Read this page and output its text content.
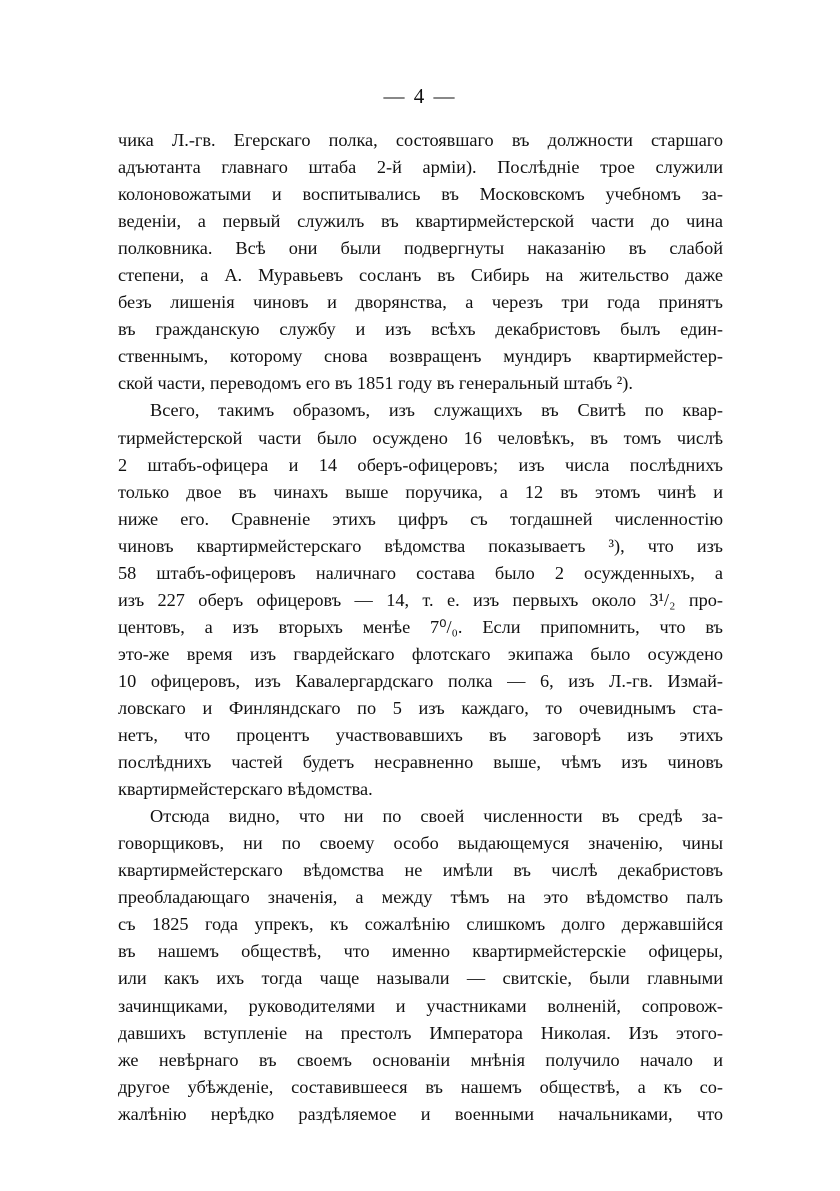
— 4 —
чика Л.-гв. Егерскаго полка, состоявшаго въ должности старшаго
адъютанта главнаго штаба 2-й арміи). Послѣдніе трое служили
колоновожатыми и воспитывались въ Московскомъ учебномъ за-
веденіи, а первый служилъ въ квартирмейстерской части до чина
полковника. Всѣ они были подвергнуты наказанію въ слабой
степени, а А. Муравьевъ сосланъ въ Сибирь на жительство даже
безъ лишенія чиновъ и дворянства, а черезъ три года принятъ
въ гражданскую службу и изъ всѣхъ декабристовъ былъ един-
ственнымъ, которому снова возвращенъ мундиръ квартирмейстер-
ской части, переводомъ его въ 1851 году въ генеральный штабъ ²).
Всего, такимъ образомъ, изъ служащихъ въ Свитѣ по квар-
тирмейстерской части было осуждено 16 человѣкъ, въ томъ числѣ
2 штабъ-офицера и 14 оберъ-офицеровъ; изъ числа послѣднихъ
только двое въ чинахъ выше поручика, а 12 въ этомъ чинѣ и
ниже его. Сравненіе этихъ цифръ съ тогдашней численностію
чиновъ квартирмейстерскаго вѣдомства показываетъ ³), что изъ
58 штабъ-офицеровъ наличнаго состава было 2 осужденныхъ, а
изъ 227 оберъ офицеровъ — 14, т. е. изъ первыхъ около 3¹/₂ про-
центовъ, а изъ вторыхъ менѣе 7⁰/₀. Если припомнить, что въ
это-же время изъ гвардейскаго флотскаго экипажа было осуждено
10 офицеровъ, изъ Кавалергардскаго полка — 6, изъ Л.-гв. Измай-
ловскаго и Финляндскаго по 5 изъ каждаго, то очевиднымъ ста-
нетъ, что процентъ участвовавшихъ въ заговорѣ изъ этихъ
послѣднихъ частей будетъ несравненно выше, чѣмъ изъ чиновъ
квартирмейстерскаго вѣдомства.
Отсюда видно, что ни по своей численности въ средѣ за-
говорщиковъ, ни по своему особо выдающемуся значенію, чины
квартирмейстерскаго вѣдомства не имѣли въ числѣ декабристовъ
преобладающаго значенія, а между тѣмъ на это вѣдомство палъ
съ 1825 года упрекъ, къ сожалѣнію слишкомъ долго державшійся
въ нашемъ обществѣ, что именно квартирмейстерскіе офицеры,
или какъ ихъ тогда чаще называли — свитскіе, были главными
зачинщиками, руководителями и участниками волненій, сопровож-
давшихъ вступленіе на престолъ Императора Николая. Изъ этого-
же невѣрнаго въ своемъ основаніи мнѣнія получило начало и
другое убѣжденіе, составившееся въ нашемъ обществѣ, а къ со-
жалѣнію нерѣдко раздѣляемое и военными начальниками, что
